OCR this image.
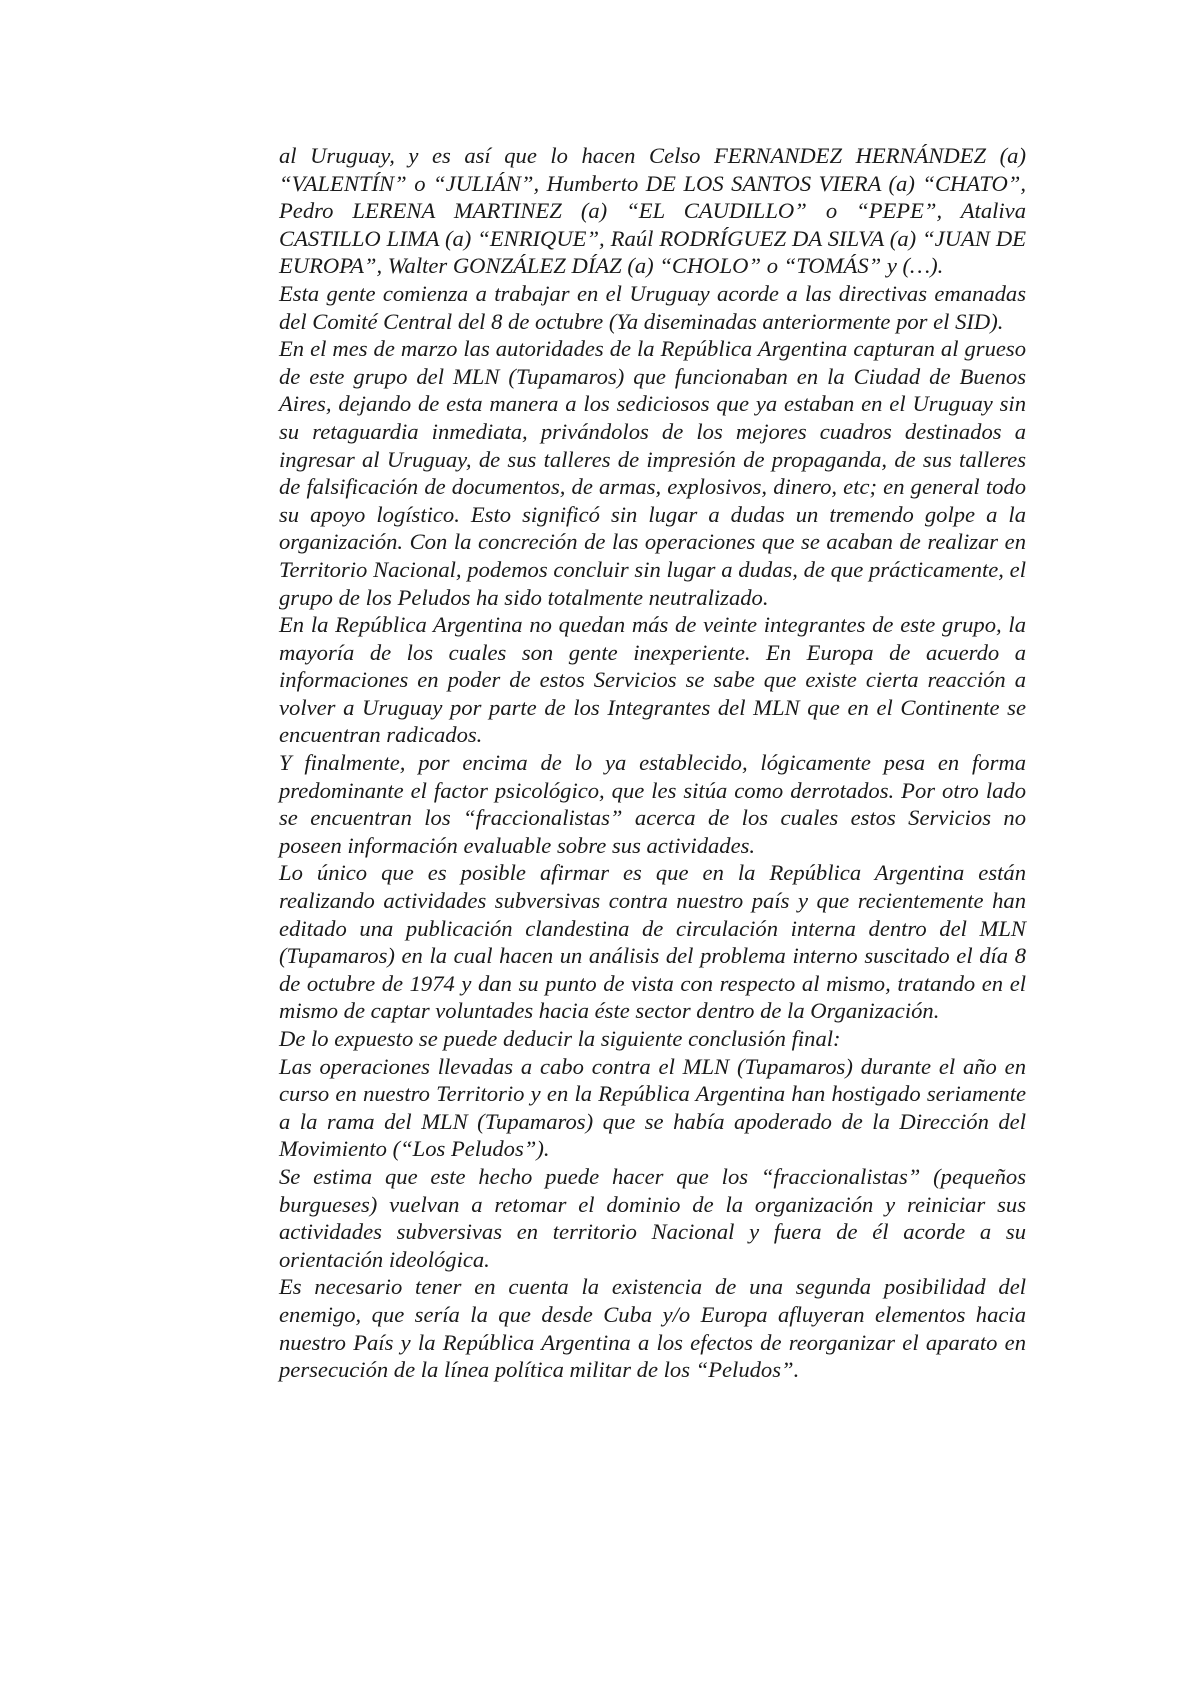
al Uruguay, y es así que lo hacen Celso FERNANDEZ HERNÁNDEZ (a) “VALENTÍN” o “JULIÁN”, Humberto DE LOS SANTOS VIERA (a) “CHATO”, Pedro LERENA MARTINEZ (a) “EL CAUDILLO” o “PEPE”, Ataliva CASTILLO LIMA (a) “ENRIQUE”, Raúl RODRÍGUEZ DA SILVA (a) “JUAN DE EUROPA”, Walter GONZÁLEZ DÍAZ (a) “CHOLO” o “TOMÁS” y (…).

Esta gente comienza a trabajar en el Uruguay acorde a las directivas emanadas del Comité Central del 8 de octubre (Ya diseminadas anteriormente por el SID).

En el mes de marzo las autoridades de la República Argentina capturan al grueso de este grupo del MLN (Tupamaros) que funcionaban en la Ciudad de Buenos Aires, dejando de esta manera a los sediciosos que ya estaban en el Uruguay sin su retaguardia inmediata, privándolos de los mejores cuadros destinados a ingresar al Uruguay, de sus talleres de impresión de propaganda, de sus talleres de falsificación de documentos, de armas, explosivos, dinero, etc; en general todo su apoyo logístico. Esto significó sin lugar a dudas un tremendo golpe a la organización. Con la concreción de las operaciones que se acaban de realizar en Territorio Nacional, podemos concluir sin lugar a dudas, de que prácticamente, el grupo de los Peludos ha sido totalmente neutralizado.

En la República Argentina no quedan más de veinte integrantes de este grupo, la mayoría de los cuales son gente inexperiente. En Europa de acuerdo a informaciones en poder de estos Servicios se sabe que existe cierta reacción a volver a Uruguay por parte de los Integrantes del MLN que en el Continente se encuentran radicados.

Y finalmente, por encima de lo ya establecido, lógicamente pesa en forma predominante el factor psicológico, que les sitúa como derrotados. Por otro lado se encuentran los “fraccionalistas” acerca de los cuales estos Servicios no poseen información evaluable sobre sus actividades.

Lo único que es posible afirmar es que en la República Argentina están realizando actividades subversivas contra nuestro país y que recientemente han editado una publicación clandestina de circulación interna dentro del MLN (Tupamaros) en la cual hacen un análisis del problema interno suscitado el día 8 de octubre de 1974 y dan su punto de vista con respecto al mismo, tratando en el mismo de captar voluntades hacia éste sector dentro de la Organización.

De lo expuesto se puede deducir la siguiente conclusión final:

Las operaciones llevadas a cabo contra el MLN (Tupamaros) durante el año en curso en nuestro Territorio y en la República Argentina han hostigado seriamente a la rama del MLN (Tupamaros) que se había apoderado de la Dirección del Movimiento (“Los Peludos”).

Se estima que este hecho puede hacer que los “fraccionalistas” (pequeños burgueses) vuelvan a retomar el dominio de la organización y reiniciar sus actividades subversivas en territorio Nacional y fuera de él acorde a su orientación ideológica.

Es necesario tener en cuenta la existencia de una segunda posibilidad del enemigo, que sería la que desde Cuba y/o Europa afluyeran elementos hacia nuestro País y la República Argentina a los efectos de reorganizar el aparato en persecución de la línea política militar de los “Peludos”.
